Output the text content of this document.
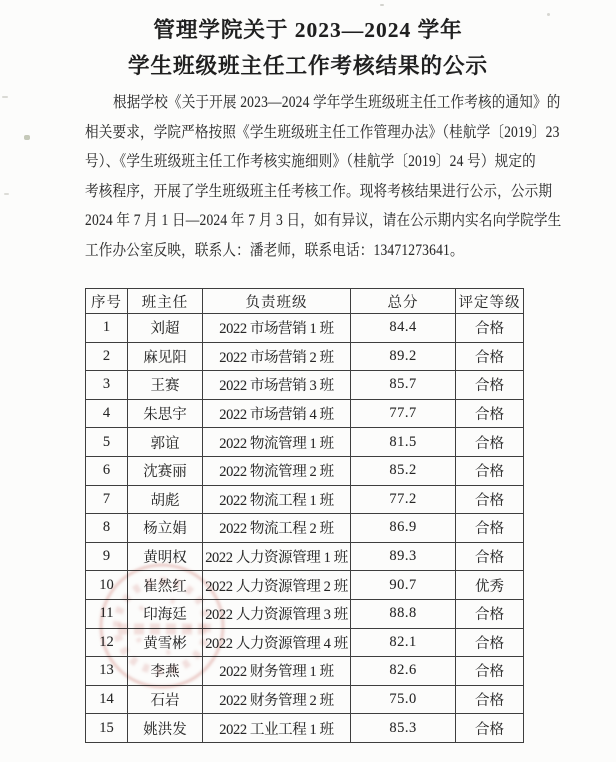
管理学院关于 2023—2024 学年
学生班级班主任工作考核结果的公示
根据学校《关于开展 2023—2024 学年学生班级班主任工作考核的通知》的
相关要求，学院严格按照《学生班级班主任工作管理办法》（桂航学〔2019〕23
号）、《学生班级班主任工作考核实施细则》（桂航学〔2019〕24 号）规定的
考核程序，开展了学生班级班主任考核工作。现将考核结果进行公示，公示期
2024 年 7 月 1 日—2024 年 7 月 3 日，如有异议，请在公示期内实名向学院学生
工作办公室反映，联系人：潘老师，联系电话：13471273641。
序号	班主任	负责班级	总分	评定等级
1	刘超	2022 市场营销 1 班	84.4	合格
2	麻见阳	2022 市场营销 2 班	89.2	合格
3	王赛	2022 市场营销 3 班	85.7	合格
4	朱思宇	2022 市场营销 4 班	77.7	合格
5	郭谊	2022 物流管理 1 班	81.5	合格
6	沈赛丽	2022 物流管理 2 班	85.2	合格
7	胡彪	2022 物流工程 1 班	77.2	合格
8	杨立娟	2022 物流工程 2 班	86.9	合格
9	黄明权	2022 人力资源管理 1 班	89.3	合格
10	崔然红	2022 人力资源管理 2 班	90.7	优秀
11	印海廷	2022 人力资源管理 3 班	88.8	合格
12	黄雪彬	2022 人力资源管理 4 班	82.1	合格
13	李燕	2022 财务管理 1 班	82.6	合格
14	石岩	2022 财务管理 2 班	75.0	合格
15	姚洪发	2022 工业工程 1 班	85.3	合格
